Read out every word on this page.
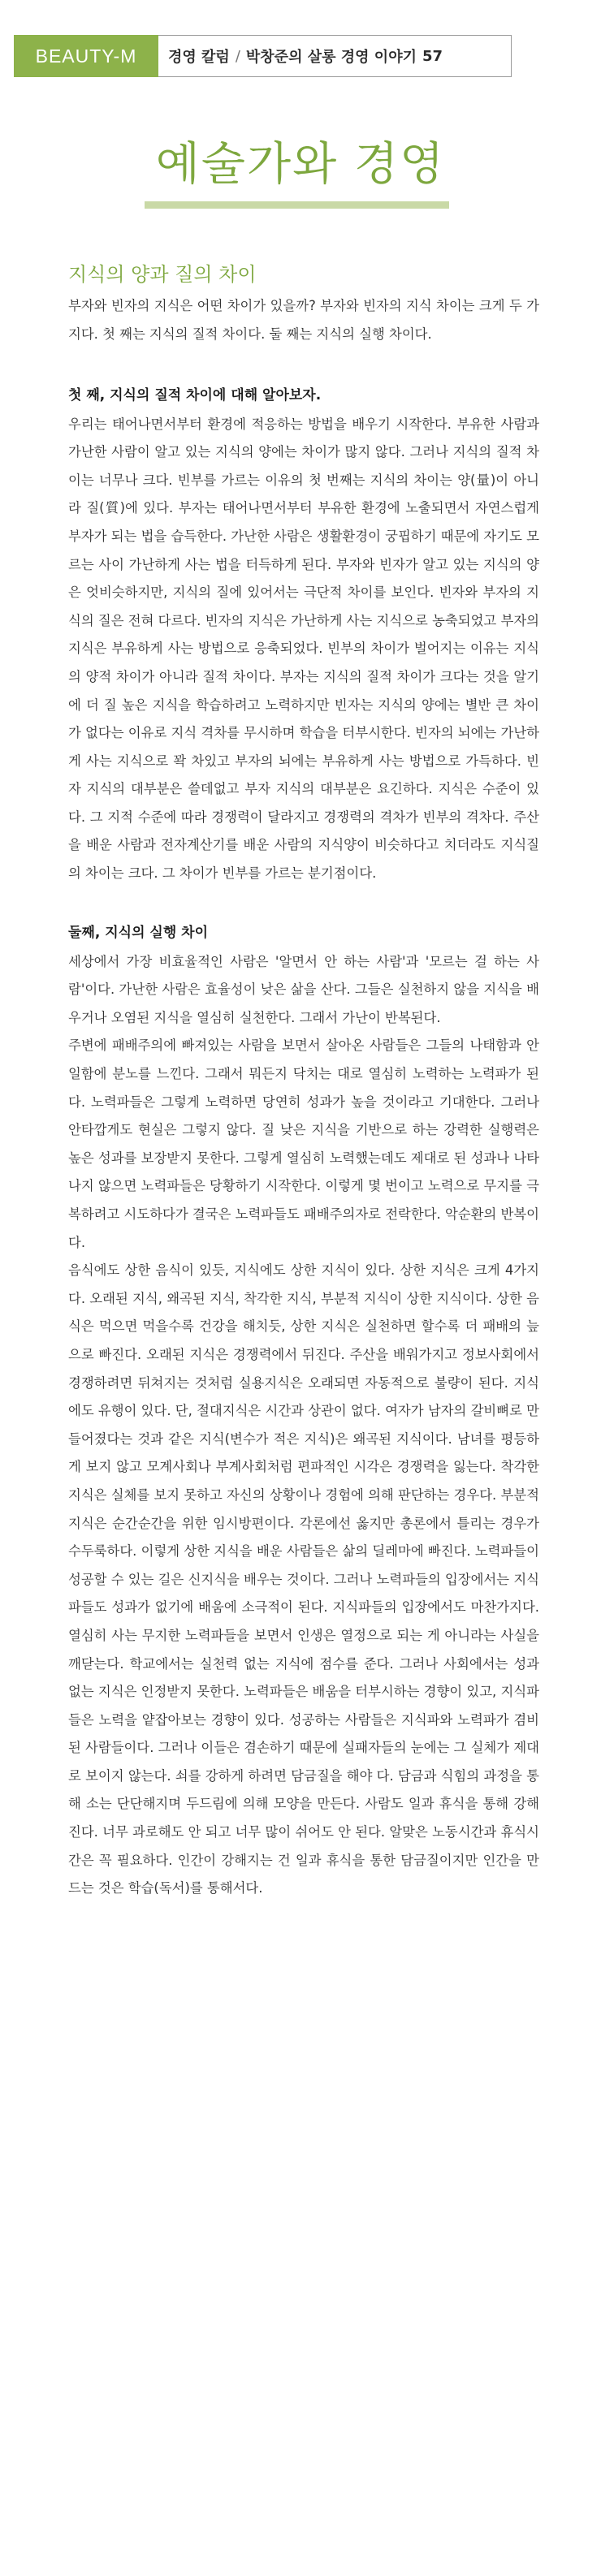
BEAUTY-M	경영 칼럼 / 박창준의 살롱 경영 이야기 57
예술가와 경영
지식의 양과 질의 차이

부자와 빈자의 지식은 어떤 차이가 있을까? 부자와 빈자의 지식 차이는 크게 두 가지다. 첫 째는 지식의 질적 차이다. 둘 째는 지식의 실행 차이다.

첫 째, 지식의 질적 차이에 대해 알아보자.

우리는 태어나면서부터 환경에 적응하는 방법을 배우기 시작한다. 부유한 사람과 가난한 사람이 알고 있는 지식의 양에는 차이가 많지 않다. 그러나 지식의 질적 차이는 너무나 크다. 빈부를 가르는 이유의 첫 번째는 지식의 차이는 양(量)이 아니라 질(質)에 있다. 부자는 태어나면서부터 부유한 환경에 노출되면서 자연스럽게 부자가 되는 법을 습득한다. 가난한 사람은 생활환경이 궁핍하기 때문에 자기도 모르는 사이 가난하게 사는 법을 터득하게 된다. 부자와 빈자가 알고 있는 지식의 양은 엇비슷하지만, 지식의 질에 있어서는 극단적 차이를 보인다. 빈자와 부자의 지식의 질은 전혀 다르다. 빈자의 지식은 가난하게 사는 지식으로 농축되었고 부자의 지식은 부유하게 사는 방법으로 응축되었다. 빈부의 차이가 벌어지는 이유는 지식의 양적 차이가 아니라 질적 차이다. 부자는 지식의 질적 차이가 크다는 것을 알기에 더 질 높은 지식을 학습하려고 노력하지만 빈자는 지식의 양에는 별반 큰 차이가 없다는 이유로 지식 격차를 무시하며 학습을 터부시한다. 빈자의 뇌에는 가난하게 사는 지식으로 꽉 차있고 부자의 뇌에는 부유하게 사는 방법으로 가득하다. 빈자 지식의 대부분은 쓸데없고 부자 지식의 대부분은 요긴하다. 지식은 수준이 있다. 그 지적 수준에 따라 경쟁력이 달라지고 경쟁력의 격차가 빈부의 격차다. 주산을 배운 사람과 전자계산기를 배운 사람의 지식양이 비슷하다고 치더라도 지식질의 차이는 크다. 그 차이가 빈부를 가르는 분기점이다.

둘째, 지식의 실행 차이

세상에서 가장 비효율적인 사람은 '알면서 안 하는 사람'과 '모르는 걸 하는 사람'이다. 가난한 사람은 효율성이 낮은 삶을 산다. 그들은 실천하지 않을 지식을 배우거나 오염된 지식을 열심히 실천한다. 그래서 가난이 반복된다.

주변에 패배주의에 빠져있는 사람을 보면서 살아온 사람들은 그들의 나태함과 안일함에 분노를 느낀다. 그래서 뭐든지 닥치는 대로 열심히 노력하는 노력파가 된다. 노력파들은 그렇게 노력하면 당연히 성과가 높을 것이라고 기대한다. 그러나 안타깝게도 현실은 그렇지 않다. 질 낮은 지식을 기반으로 하는 강력한 실행력은 높은 성과를 보장받지 못한다. 그렇게 열심히 노력했는데도 제대로 된 성과나 나타나지 않으면 노력파들은 당황하기 시작한다. 이렇게 몇 번이고 노력으로 무지를 극복하려고 시도하다가 결국은 노력파들도 패배주의자로 전락한다. 악순환의 반복이다.

음식에도 상한 음식이 있듯, 지식에도 상한 지식이 있다. 상한 지식은 크게 4가지다. 오래된 지식, 왜곡된 지식, 착각한 지식, 부분적 지식이 상한 지식이다. 상한 음식은 먹으면 먹을수록 건강을 해치듯, 상한 지식은 실천하면 할수록 더 패배의 늪으로 빠진다. 오래된 지식은 경쟁력에서 뒤진다. 주산을 배워가지고 정보사회에서 경쟁하려면 뒤쳐지는 것처럼 실용지식은 오래되면 자동적으로 불량이 된다. 지식에도 유행이 있다. 단, 절대지식은 시간과 상관이 없다. 여자가 남자의 갈비뼈로 만들어졌다는 것과 같은 지식(변수가 적은 지식)은 왜곡된 지식이다. 남녀를 평등하게 보지 않고 모계사회나 부계사회처럼 편파적인 시각은 경쟁력을 잃는다. 착각한 지식은 실체를 보지 못하고 자신의 상황이나 경험에 의해 판단하는 경우다. 부분적 지식은 순간순간을 위한 임시방편이다. 각론에선 옳지만 총론에서 틀리는 경우가 수두룩하다. 이렇게 상한 지식을 배운 사람들은 삶의 딜레마에 빠진다. 노력파들이 성공할 수 있는 길은 신지식을 배우는 것이다. 그러나 노력파들의 입장에서는 지식파들도 성과가 없기에 배움에 소극적이 된다. 지식파들의 입장에서도 마찬가지다. 열심히 사는 무지한 노력파들을 보면서 인생은 열정으로 되는 게 아니라는 사실을 깨닫는다. 학교에서는 실천력 없는 지식에 점수를 준다. 그러나 사회에서는 성과 없는 지식은 인정받지 못한다. 노력파들은 배움을 터부시하는 경향이 있고, 지식파들은 노력을 얕잡아보는 경향이 있다. 성공하는 사람들은 지식파와 노력파가 겸비된 사람들이다. 그러나 이들은 겸손하기 때문에 실패자들의 눈에는 그 실체가 제대로 보이지 않는다. 쇠를 강하게 하려면 담금질을 해야 다. 담금과 식힘의 과정을 통해 소는 단단해지며 두드림에 의해 모양을 만든다. 사람도 일과 휴식을 통해 강해진다. 너무 과로해도 안 되고 너무 많이 쉬어도 안 된다. 알맞은 노동시간과 휴식시간은 꼭 필요하다. 인간이 강해지는 건 일과 휴식을 통한 담금질이지만 인간을 만드는 것은 학습(독서)를 통해서다.
